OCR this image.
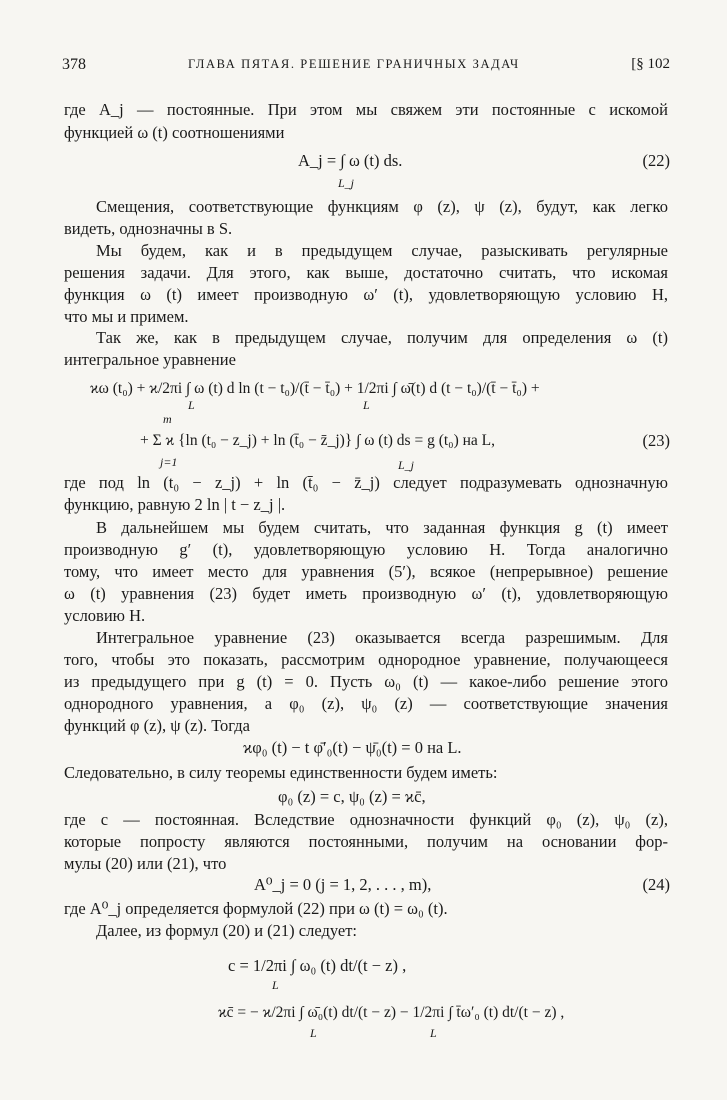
378	ГЛАВА ПЯТАЯ. РЕШЕНИЕ ГРАНИЧНЫХ ЗАДАЧ	[§ 102
где A_j — постоянные. При этом мы свяжем эти постоянные с искомой
функцией ω (t) соотношениями
A_j = ∫ ω (t) ds.
L_j
(22)
Смещения, соответствующие функциям φ (z), ψ (z), будут, как легко
видеть, однозначны в S.
Мы будем, как и в предыдущем случае, разыскивать регулярные
решения задачи. Для этого, как выше, достаточно считать, что искомая
функция ω (t) имеет производную ω′ (t), удовлетворяющую условию H,
что мы и примем.
Так же, как в предыдущем случае, получим для определения ω (t)
интегральное уравнение
ϰω (t₀) + ϰ/2πi ∫ ω (t) d ln (t − t₀)/(t̄ − t̄₀) + 1/2πi ∫ ω̄(t) d (t − t₀)/(t̄ − t̄₀) +
L	L
m
+ Σ ϰ {ln (t₀ − z_j) + ln (t̄₀ − z̄_j)} ∫ ω (t) ds = g (t₀) на L,
j=1	L_j
(23)
где под ln (t₀ − z_j) + ln (t̄₀ − z̄_j) следует подразумевать однозначную
функцию, равную 2 ln | t − z_j |.
В дальнейшем мы будем считать, что заданная функция g (t) имеет
производную g′ (t), удовлетворяющую условию H. Тогда аналогично
тому, что имеет место для уравнения (5′), всякое (непрерывное) решение
ω (t) уравнения (23) будет иметь производную ω′ (t), удовлетворяющую
условию H.
Интегральное уравнение (23) оказывается всегда разрешимым. Для
того, чтобы это показать, рассмотрим однородное уравнение, получающееся
из предыдущего при g (t) = 0. Пусть ω₀ (t) — какое-либо решение этого
однородного уравнения, а φ₀ (z), ψ₀ (z) — соответствующие значения
функций φ (z), ψ (z). Тогда
ϰφ₀ (t) − t φ̄′₀(t) − ψ̄₀(t) = 0 на L.
Следовательно, в силу теоремы единственности будем иметь:
φ₀ (z) = c, ψ₀ (z) = ϰc̄,
где c — постоянная. Вследствие однозначности функций φ₀ (z), ψ₀ (z),
которые попросту являются постоянными, получим на основании фор-
мулы (20) или (21), что
A⁰_j = 0 (j = 1, 2, . . . , m),	(24)
где A⁰_j определяется формулой (22) при ω (t) = ω₀ (t).
Далее, из формул (20) и (21) следует:
c = 1/2πi ∫ ω₀ (t) dt/(t − z) ,
L
ϰc̄ = − ϰ/2πi ∫ ω̄₀(t) dt/(t − z) − 1/2πi ∫ t̄ω′₀ (t) dt/(t − z) ,
L	L
